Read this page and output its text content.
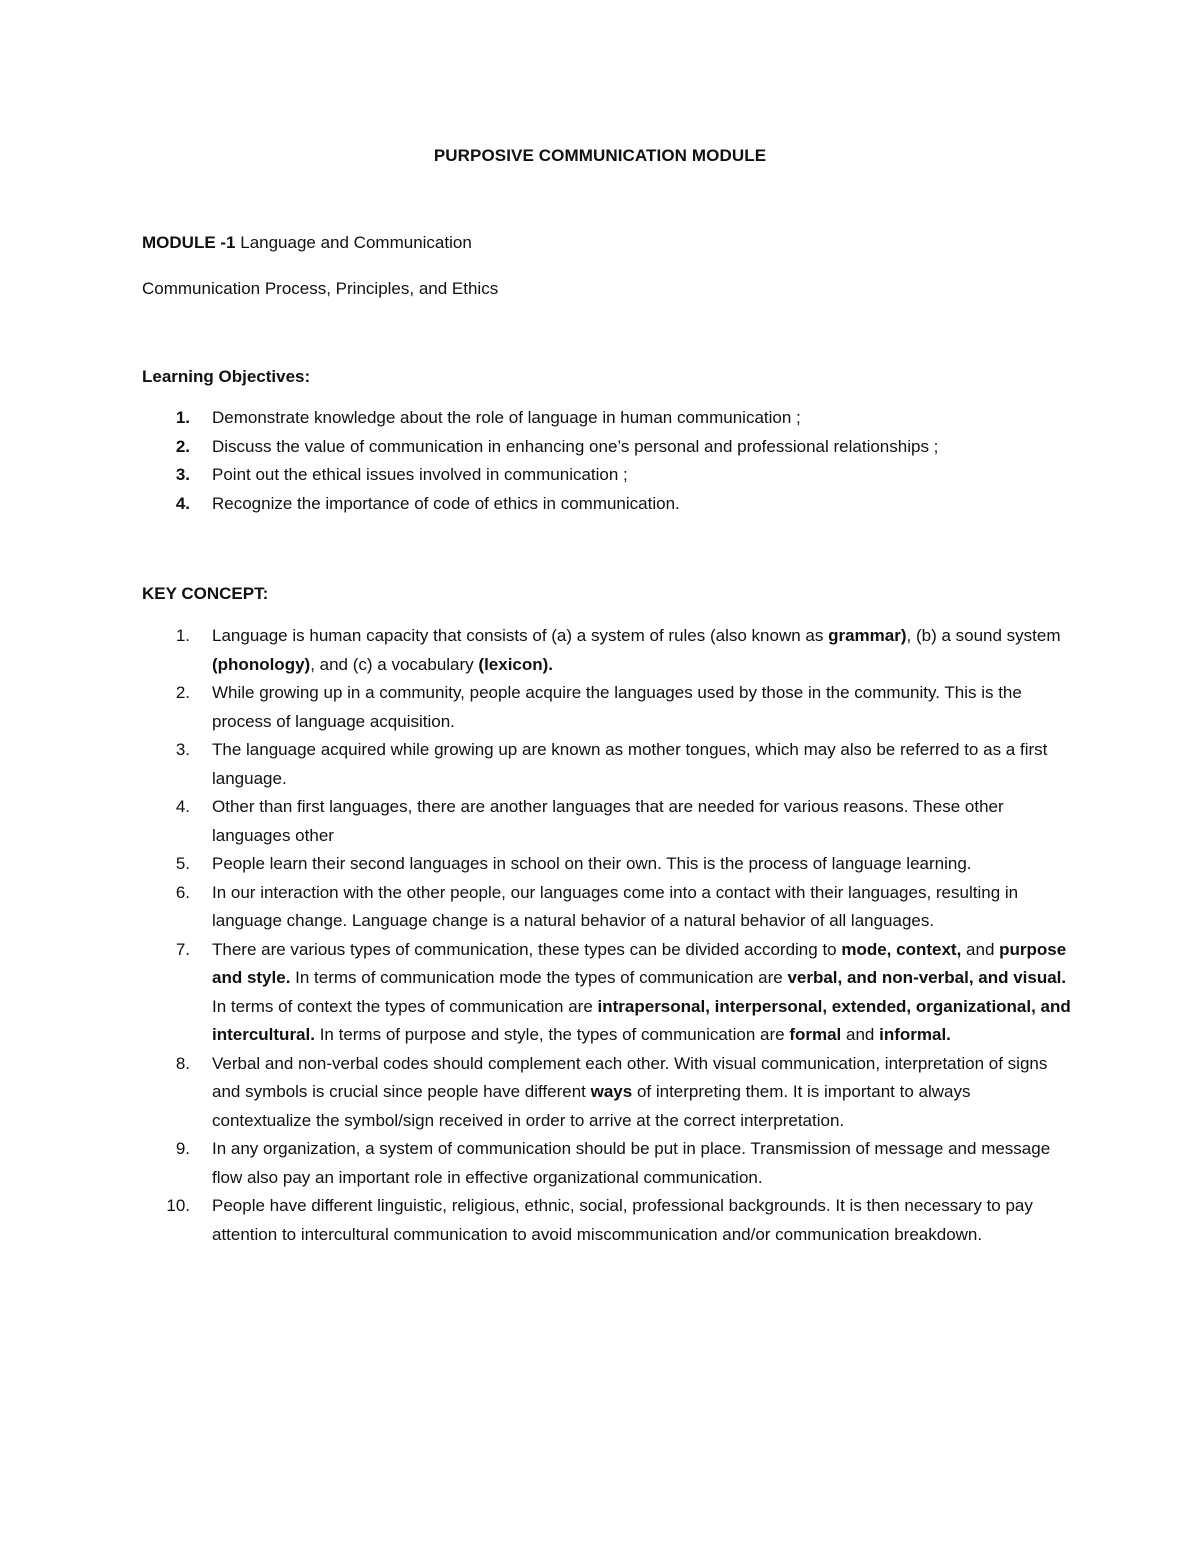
PURPOSIVE COMMUNICATION MODULE
MODULE -1 Language and Communication
Communication Process, Principles, and Ethics
Learning Objectives:
1. Demonstrate knowledge about the role of language in human communication ;
2. Discuss the value of communication in enhancing one’s personal and professional relationships ;
3. Point out the ethical issues involved in communication ;
4. Recognize the importance of code of ethics in communication.
KEY CONCEPT:
1. Language is human capacity that consists of (a) a system of rules (also known as grammar), (b) a sound system (phonology), and (c) a vocabulary (lexicon).
2. While growing up in a community, people acquire the languages used by those in the community. This is the process of language acquisition.
3. The language acquired while growing up are known as mother tongues, which may also be referred to as a first language.
4. Other than first languages, there are another languages that are needed for various reasons. These other languages other
5. People learn their second languages in school on their own. This is the process of language learning.
6. In our interaction with the other people, our languages come into a contact with their languages, resulting in language change. Language change is a natural behavior of a natural behavior of all languages.
7. There are various types of communication, these types can be divided according to mode, context, and purpose and style. In terms of communication mode the types of communication are verbal, and non-verbal, and visual. In terms of context the types of communication are intrapersonal, interpersonal, extended, organizational, and intercultural. In terms of purpose and style, the types of communication are formal and informal.
8. Verbal and non-verbal codes should complement each other. With visual communication, interpretation of signs and symbols is crucial since people have different ways of interpreting them. It is important to always contextualize the symbol/sign received in order to arrive at the correct interpretation.
9. In any organization, a system of communication should be put in place. Transmission of message and message flow also pay an important role in effective organizational communication.
10. People have different linguistic, religious, ethnic, social, professional backgrounds. It is then necessary to pay attention to intercultural communication to avoid miscommunication and/or communication breakdown.
